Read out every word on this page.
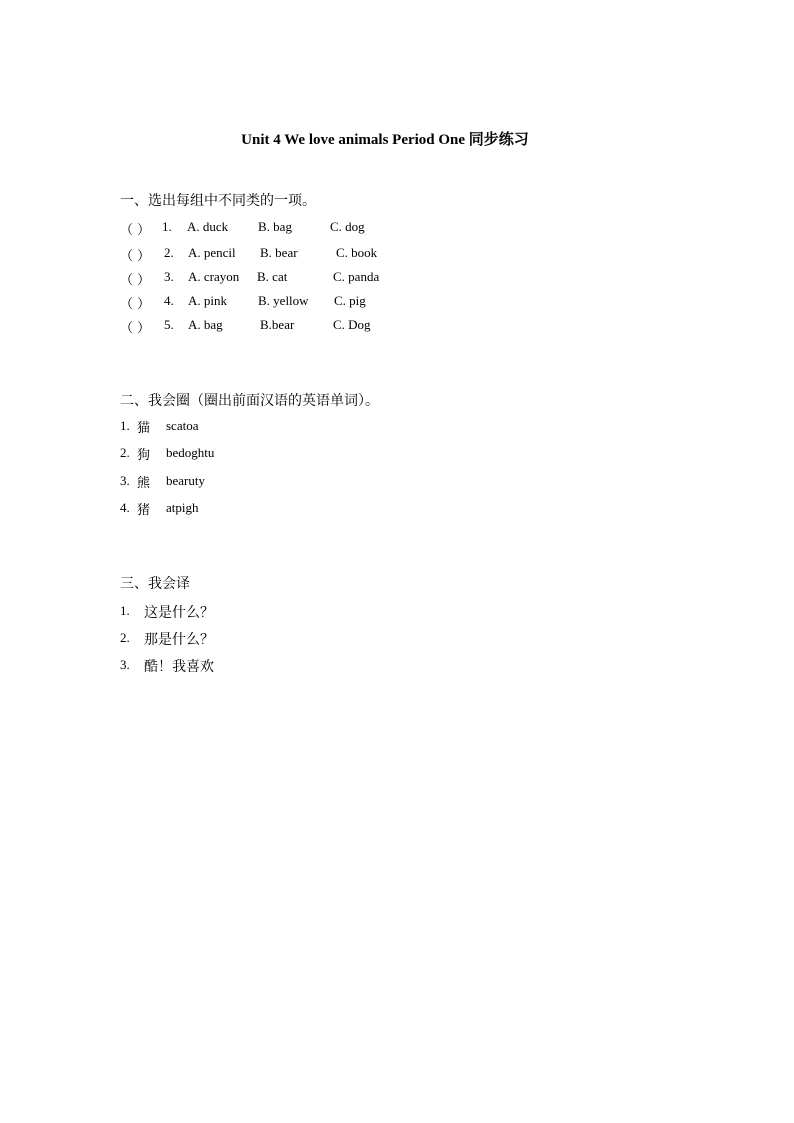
Unit 4 We love animals Period One 同步练习
一、选出每组中不同类的一项。
（ ） 1. A. duck B. bag	C. dog
（ ） 2. A. pencil B. bear	C. book
（ ） 3. A. crayon B. cat	C. panda
（ ） 4. A. pink B. yellow C. pig
（ ） 5. A. bag	B.bear	C. Dog
二、我会圈（圈出前面汉语的英语单词）。
1. 猫 scatoa
2. 狗 bedoghtu
3. 熊 bearuty
4. 猪 atpigh
三、我会译
1. 这是什么？
2. 那是什么？
3. 酷！我喜欢
